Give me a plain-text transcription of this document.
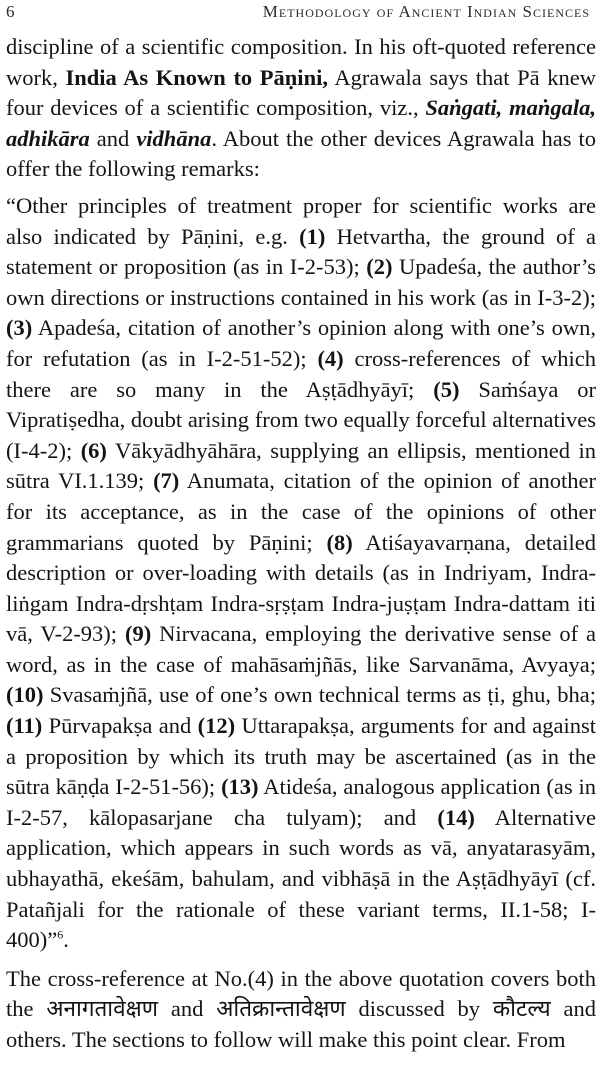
6	Methodology of Ancient Indian Sciences

discipline of a scientific composition. In his oft-quoted reference work, India As Known to Pāṇini, Agrawala says that Pā knew four devices of a scientific composition, viz., Saṅgati, maṅgala, adhikāra and vidhāna. About the other devices Agrawala has to offer the following remarks:

“Other principles of treatment proper for scientific works are also indicated by Pāṇini, e.g. (1) Hetvartha, the ground of a statement or proposition (as in I-2-53); (2) Upadeśa, the author’s own directions or instructions contained in his work (as in I-3-2); (3) Apadeśa, citation of another’s opinion along with one’s own, for refutation (as in I-2-51-52); (4) cross-references of which there are so many in the Aṣṭādhyāyī; (5) Saṁśaya or Vipratiṣedha, doubt arising from two equally forceful alternatives (I-4-2); (6) Vākyādhyāhāra, supplying an ellipsis, mentioned in sūtra VI.1.139; (7) Anumata, citation of the opinion of another for its acceptance, as in the case of the opinions of other grammarians quoted by Pāṇini; (8) Atiśayavarṇana, detailed description or over-loading with details (as in Indriyam, Indra-liṅgam Indra-dṛshṭam Indra-sṛṣṭam Indra-juṣṭam Indra-dattam iti vā, V-2-93); (9) Nirvacana, employing the derivative sense of a word, as in the case of mahāsaṁjñās, like Sarvanāma, Avyaya; (10) Svasaṁjñā, use of one’s own technical terms as ṭi, ghu, bha; (11) Pūrvapakṣa and (12) Uttarapakṣa, arguments for and against a proposition by which its truth may be ascertained (as in the sūtra kāṇḍa I-2-51-56); (13) Atideśa, analogous application (as in I-2-57, kālopasarjane cha tulyam); and (14) Alternative application, which appears in such words as vā, anyatarasyām, ubhayathā, ekeśām, bahulam, and vibhāṣā in the Aṣṭādhyāyī (cf. Patañjali for the rationale of these variant terms, II.1-58; I-400)”$^6$.

The cross-reference at No.(4) in the above quotation covers both the अनागतावेक्षण and अतिक्रान्तावेक्षण discussed by कौटल्य and others. The sections to follow will make this point clear. From
